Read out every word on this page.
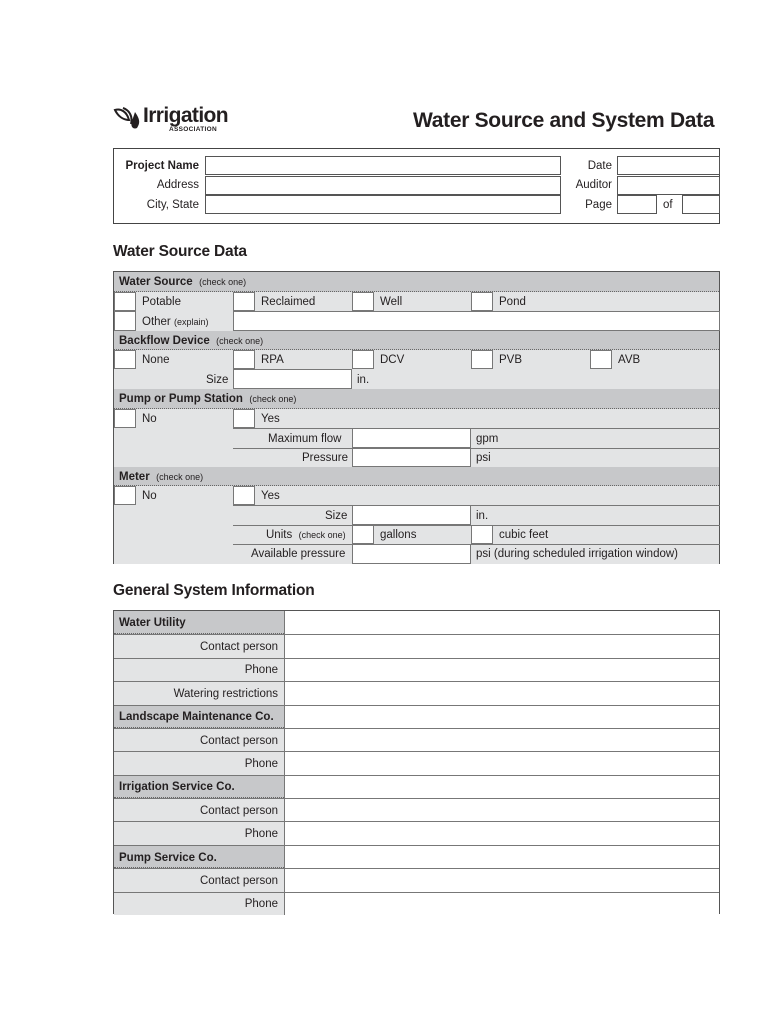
Irrigation
ASSOCIATION	Water Source and System Data
Project Name
Address
City, State
Date
Auditor
Page	of
Water Source Data
Water Source (check one)
Potable	Reclaimed	Well	Pond
Other (explain)
Backflow Device (check one)
None	RPA	DCV	PVB	AVB
Size	in.
Pump or Pump Station (check one)
No	Yes
Maximum flow	gpm
Pressure	psi
Meter (check one)
No	Yes
Size	in.
Units (check one)	gallons	cubic feet
Available pressure	psi (during scheduled irrigation window)
General System Information
Water Utility
Contact person
Phone
Watering restrictions
Landscape Maintenance Co.
Contact person
Phone
Irrigation Service Co.
Contact person
Phone
Pump Service Co.
Contact person
Phone
